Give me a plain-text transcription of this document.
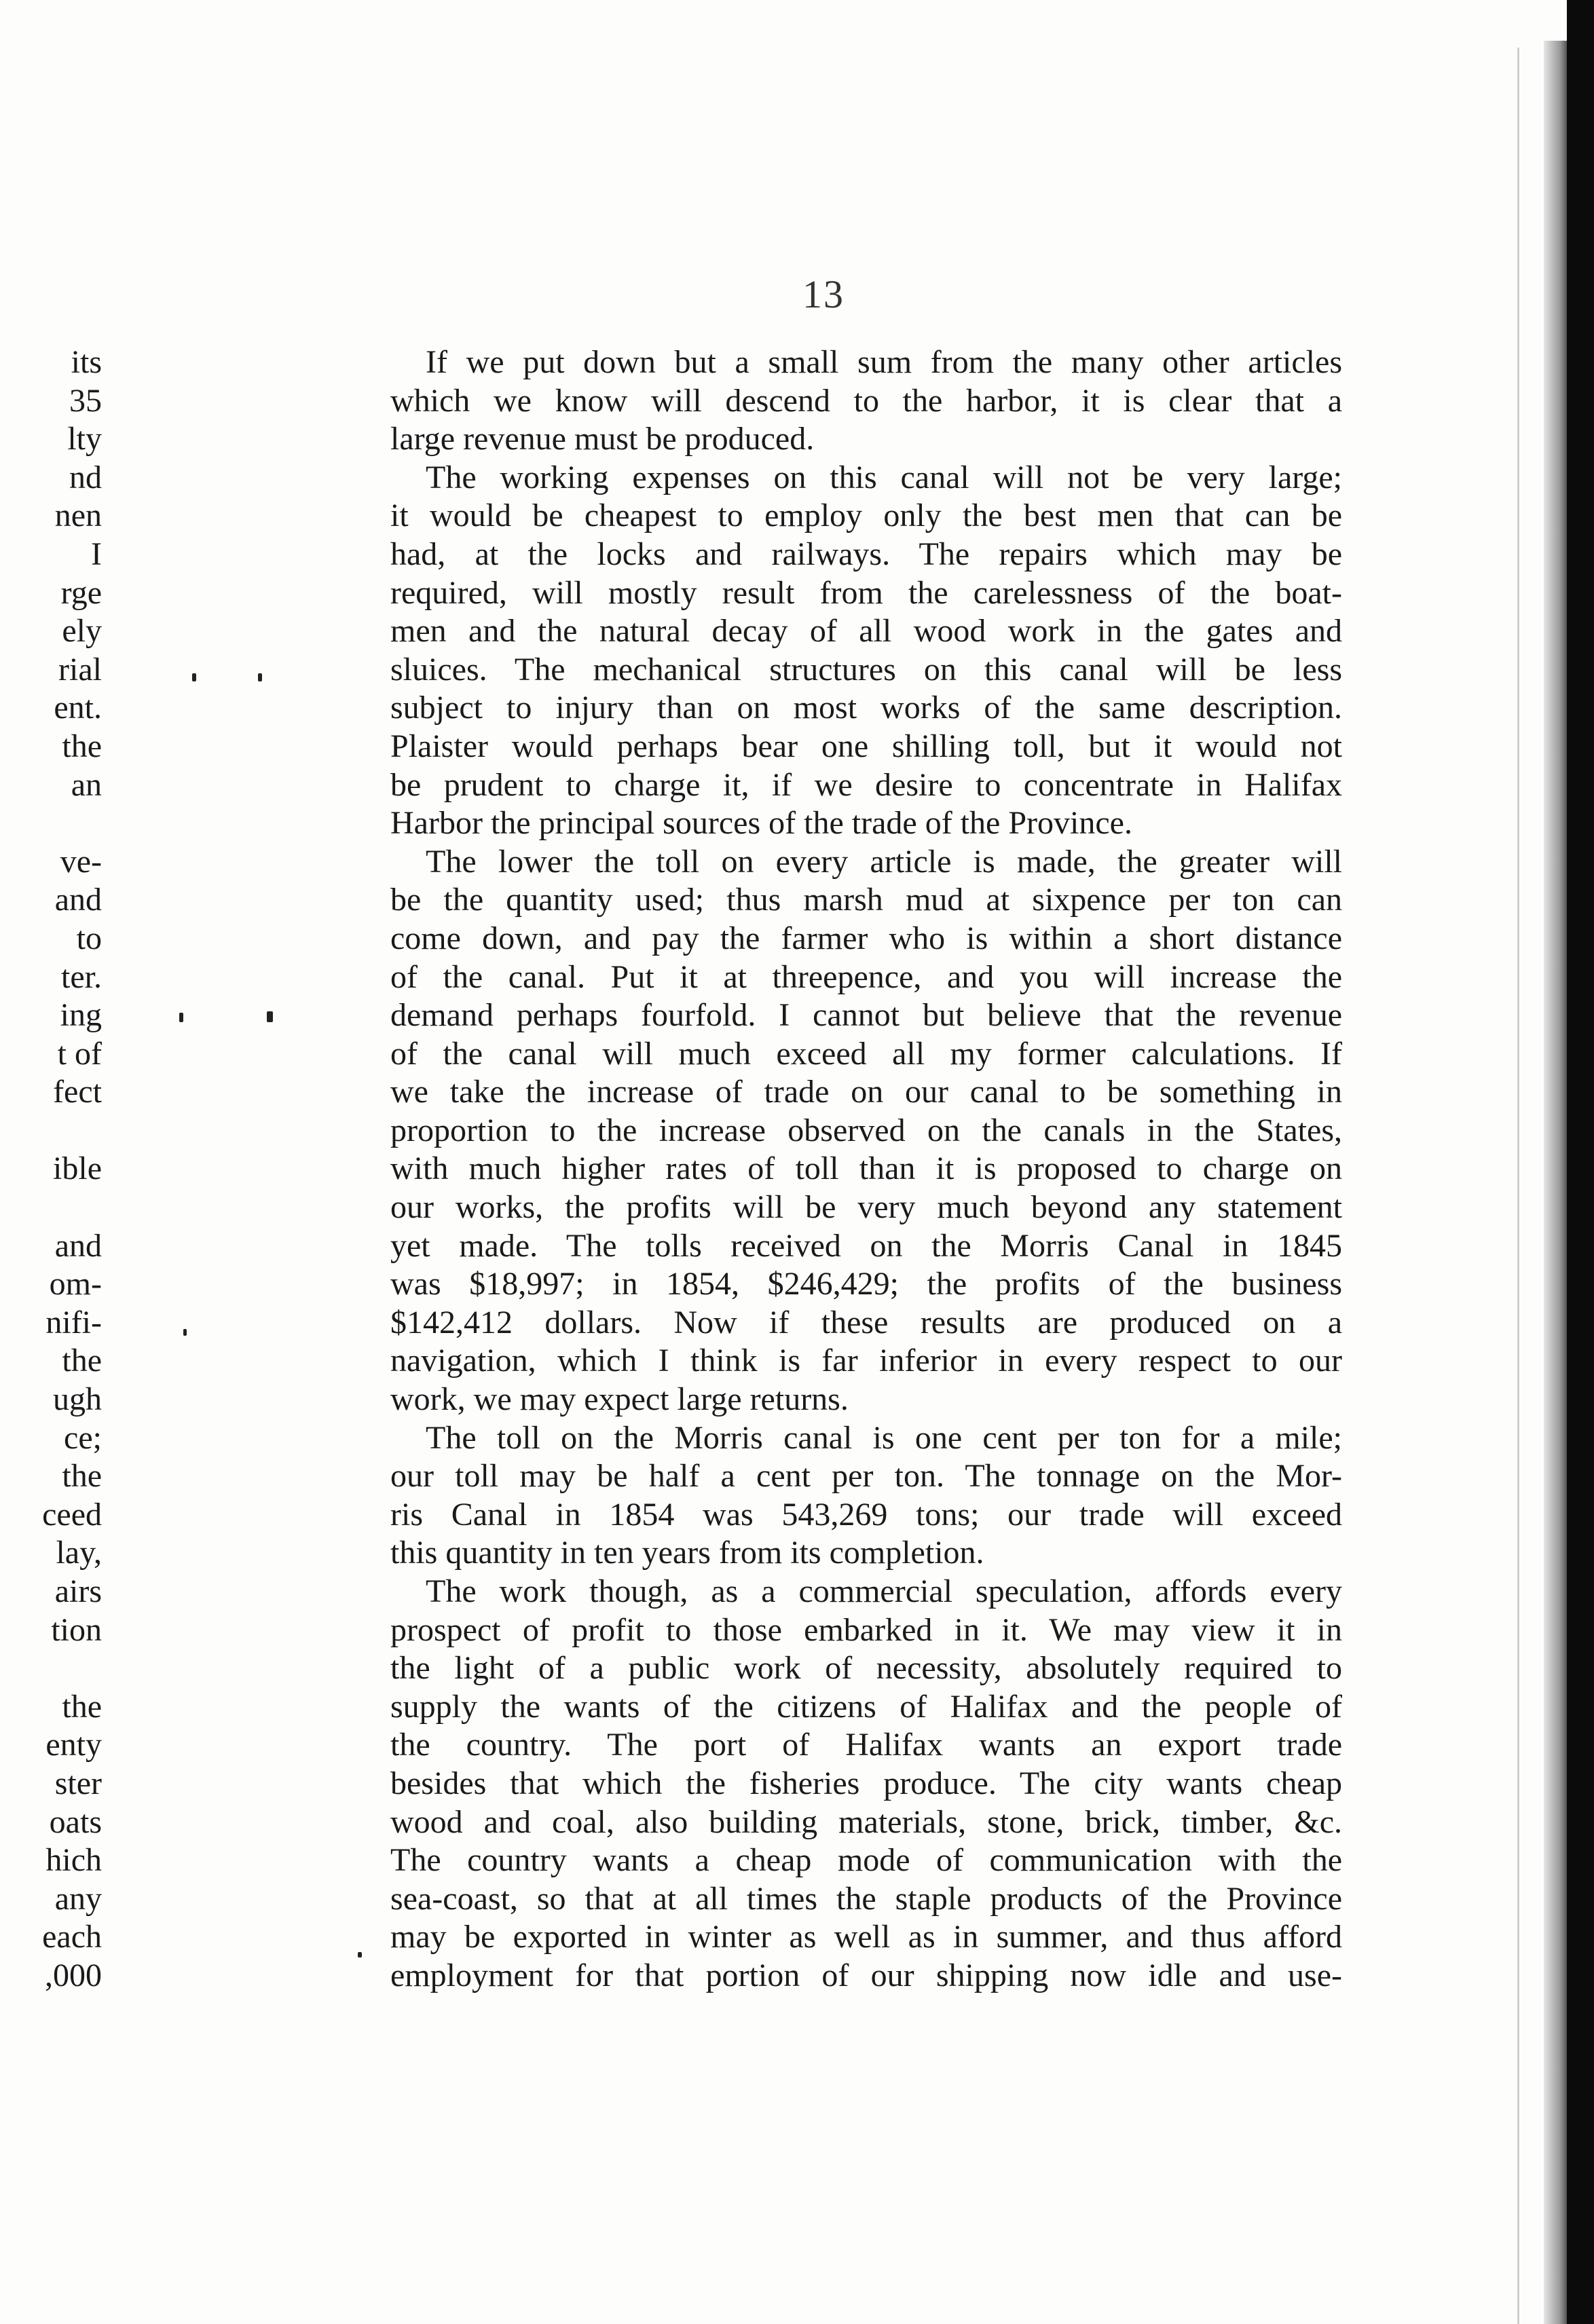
13
its
35
lty
nd
nen
I
rge
ely
rial
ent.
the
an
ve-
and
to
ter.
ing
t of
fect
ible
and
om-
nifi-
the
ugh
ce;
the
ceed
lay,
airs
tion
the
enty
ster
oats
hich
any
each
,000

If we put down but a small sum from the many other articles
which we know will descend to the harbor, it is clear that a
large revenue must be produced.

The working expenses on this canal will not be very large;
it would be cheapest to employ only the best men that can be
had, at the locks and railways. The repairs which may be
required, will mostly result from the carelessness of the boat-
men and the natural decay of all wood work in the gates and
sluices. The mechanical structures on this canal will be less
subject to injury than on most works of the same description.
Plaister would perhaps bear one shilling toll, but it would not
be prudent to charge it, if we desire to concentrate in Halifax
Harbor the principal sources of the trade of the Province.

The lower the toll on every article is made, the greater will
be the quantity used; thus marsh mud at sixpence per ton can
come down, and pay the farmer who is within a short distance
of the canal. Put it at threepence, and you will increase the
demand perhaps fourfold. I cannot but believe that the revenue
of the canal will much exceed all my former calculations. If
we take the increase of trade on our canal to be something in
proportion to the increase observed on the canals in the States,
with much higher rates of toll than it is proposed to charge on
our works, the profits will be very much beyond any statement
yet made. The tolls received on the Morris Canal in 1845
was $18,997; in 1854, $246,429; the profits of the business
$142,412 dollars. Now if these results are produced on a
navigation, which I think is far inferior in every respect to our
work, we may expect large returns.

The toll on the Morris canal is one cent per ton for a mile;
our toll may be half a cent per ton. The tonnage on the Mor-
ris Canal in 1854 was 543,269 tons; our trade will exceed
this quantity in ten years from its completion.

The work though, as a commercial speculation, affords every
prospect of profit to those embarked in it. We may view it in
the light of a public work of necessity, absolutely required to
supply the wants of the citizens of Halifax and the people of
the country. The port of Halifax wants an export trade
besides that which the fisheries produce. The city wants cheap
wood and coal, also building materials, stone, brick, timber, &c.
The country wants a cheap mode of communication with the
sea-coast, so that at all times the staple products of the Province
may be exported in winter as well as in summer, and thus afford
employment for that portion of our shipping now idle and use-
